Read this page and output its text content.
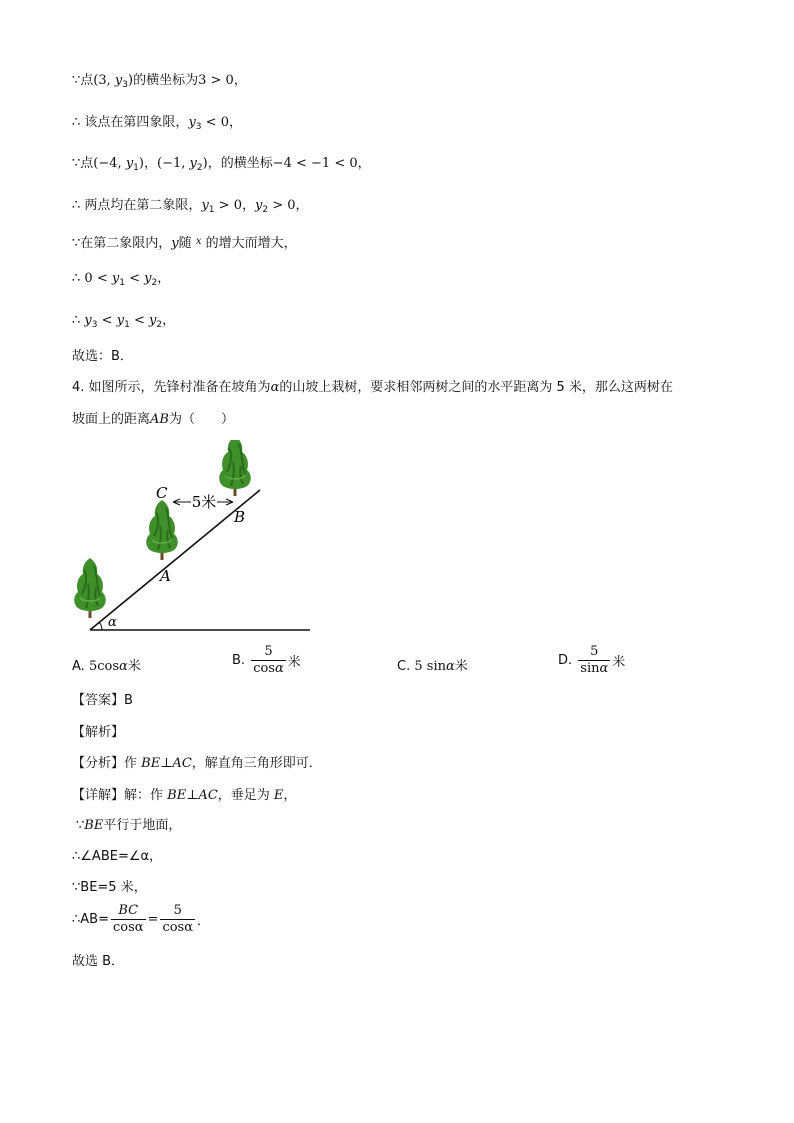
∵点(3, $y_3$)的横坐标为3 > 0，
∴ 该点在第四象限，$y_3 < 0$，
∵点(−4, $y_1$)，(−1, $y_2$)，的横坐标−4 < −1 < 0，
∴ 两点均在第二象限，$y_1 > 0$，$y_2 > 0$，
∵在第二象限内，y随 $^x$ 的增大而增大，
∴ $0 < y_1 < y_2$，
∴ $y_3 < y_1 < y_2$，
故选：B．
4. 如图所示，先锋村准备在坡角为α的山坡上栽树，要求相邻两树之间的水平距离为 5 米，那么这两树在
坡面上的距离AB为（　　）
5米
C
B
A
α
A. 5cosα米	B. $\frac{5}{\cos\alpha}$ 米	C. 5 sinα米	D. $\frac{5}{\sin\alpha}$ 米
【答案】B
【解析】
【分析】作 BE⊥AC，解直角三角形即可．
【详解】解：作 BE⊥AC，垂足为 E，
∵BE平行于地面，
∴∠ABE=∠α，
∵BE=5 米，
∴AB= $\frac{BC}{\cos\alpha} = \frac{5}{\cos\alpha}$ ．
故选 B．
